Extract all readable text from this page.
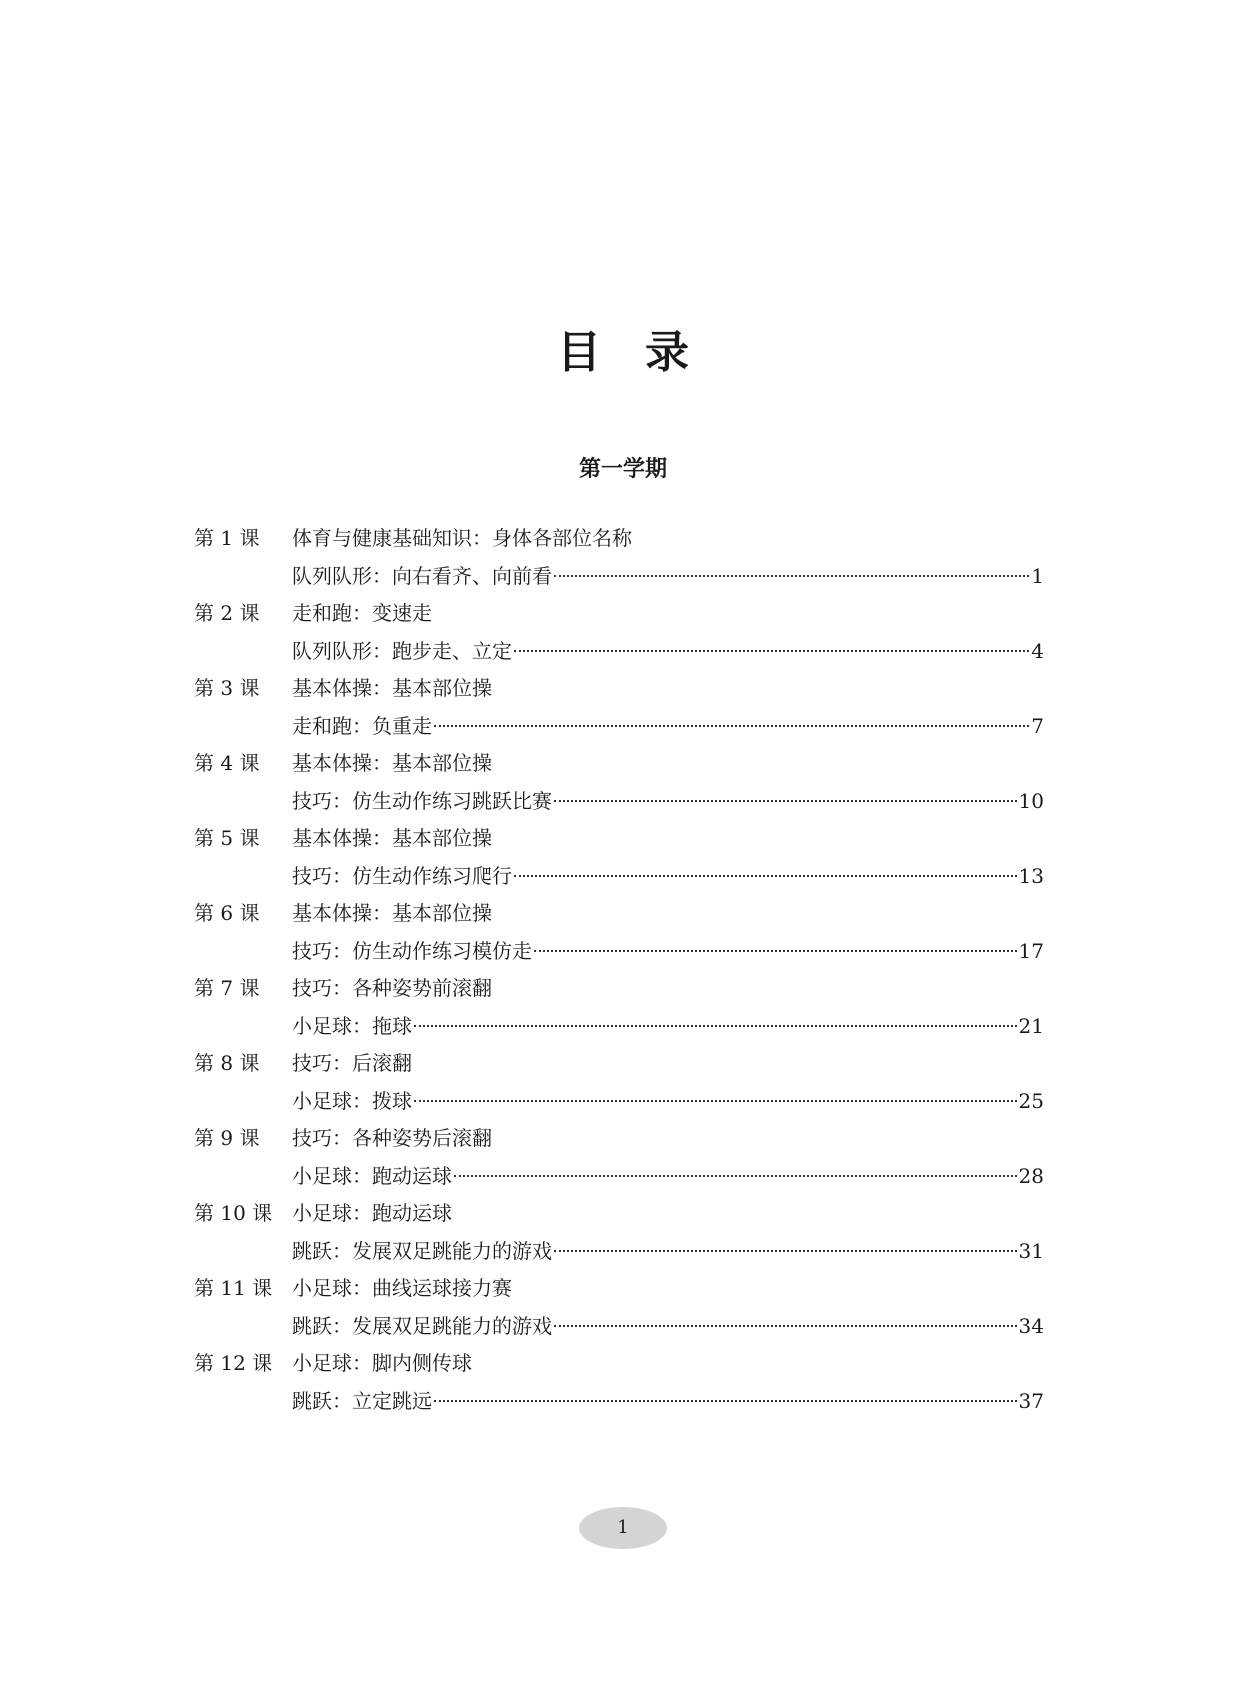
目录
第一学期
第 1 课	体育与健康基础知识：身体各部位名称
队列队形：向右看齐、向前看	1
第 2 课	走和跑：变速走
队列队形：跑步走、立定	4
第 3 课	基本体操：基本部位操
走和跑：负重走	7
第 4 课	基本体操：基本部位操
技巧：仿生动作练习跳跃比赛	10
第 5 课	基本体操：基本部位操
技巧：仿生动作练习爬行	13
第 6 课	基本体操：基本部位操
技巧：仿生动作练习模仿走	17
第 7 课	技巧：各种姿势前滚翻
小足球：拖球	21
第 8 课	技巧：后滚翻
小足球：拨球	25
第 9 课	技巧：各种姿势后滚翻
小足球：跑动运球	28
第 10 课 小足球：跑动运球
跳跃：发展双足跳能力的游戏	31
第 11 课 小足球：曲线运球接力赛
跳跃：发展双足跳能力的游戏	34
第 12 课 小足球：脚内侧传球
跳跃：立定跳远	37
1
